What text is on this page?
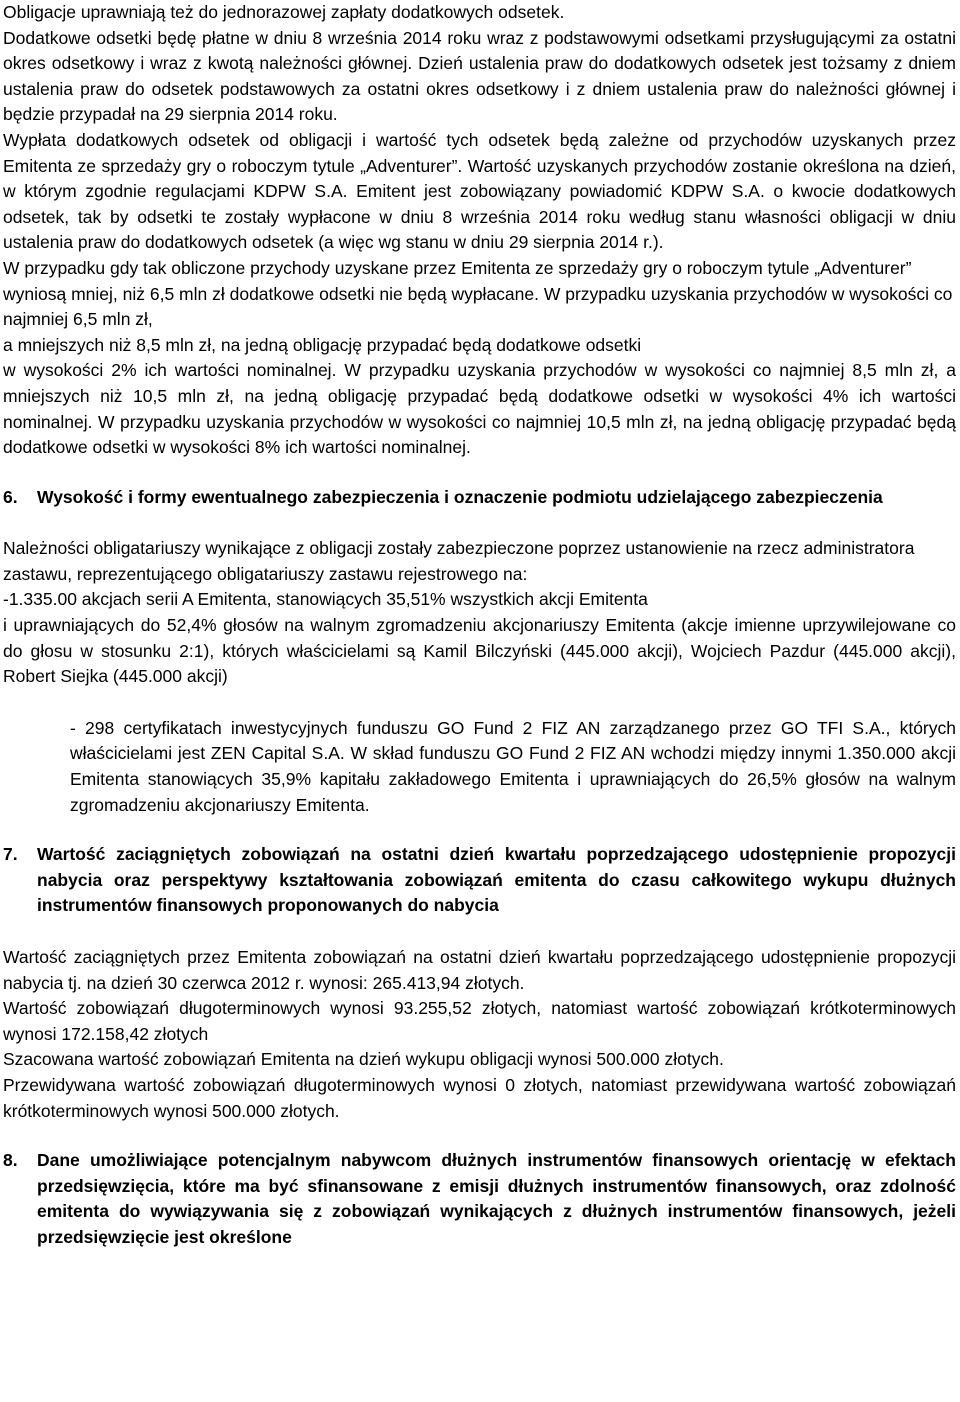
Obligacje uprawniają też do jednorazowej zapłaty dodatkowych odsetek.

Dodatkowe odsetki będę płatne w dniu 8 września 2014 roku wraz z podstawowymi odsetkami przysługującymi za ostatni okres odsetkowy i wraz z kwotą należności głównej. Dzień ustalenia praw do dodatkowych odsetek jest tożsamy z dniem ustalenia praw do odsetek podstawowych za ostatni okres odsetkowy i z dniem ustalenia praw do należności głównej i będzie przypadał na 29 sierpnia 2014 roku.

Wypłata dodatkowych odsetek od obligacji i wartość tych odsetek będą zależne od przychodów uzyskanych przez Emitenta ze sprzedaży gry o roboczym tytule „Adventurer”. Wartość uzyskanych przychodów zostanie określona na dzień, w którym zgodnie regulacjami KDPW S.A. Emitent jest zobowiązany powiadomić KDPW S.A. o kwocie dodatkowych odsetek, tak by odsetki te zostały wypłacone w dniu 8 września 2014 roku według stanu własności obligacji w dniu ustalenia praw do dodatkowych odsetek (a więc wg stanu w dniu 29 sierpnia 2014 r.).

W przypadku gdy tak obliczone przychody uzyskane przez Emitenta ze sprzedaży gry o roboczym tytule „Adventurer” wyniosą mniej, niż 6,5 mln zł dodatkowe odsetki nie będą wypłacane. W przypadku uzyskania przychodów w wysokości co najmniej 6,5 mln zł,

a mniejszych niż 8,5 mln zł, na jedną obligację przypadać będą dodatkowe odsetki

w wysokości 2% ich wartości nominalnej. W przypadku uzyskania przychodów w wysokości co najmniej 8,5 mln zł, a mniejszych niż 10,5 mln zł, na jedną obligację przypadać będą dodatkowe odsetki w wysokości 4% ich wartości nominalnej. W przypadku uzyskania przychodów w wysokości co najmniej 10,5 mln zł, na jedną obligację przypadać będą dodatkowe odsetki w wysokości 8% ich wartości nominalnej.

6.	Wysokość i formy ewentualnego zabezpieczenia i oznaczenie podmiotu udzielającego zabezpieczenia

Należności obligatariuszy wynikające z obligacji zostały zabezpieczone poprzez ustanowienie na rzecz administratora zastawu, reprezentującego obligatariuszy zastawu rejestrowego na:

-1.335.00 akcjach serii A Emitenta, stanowiących 35,51% wszystkich akcji Emitenta

i uprawniających do 52,4% głosów na walnym zgromadzeniu akcjonariuszy Emitenta (akcje imienne uprzywilejowane co do głosu w stosunku 2:1), których właścicielami są Kamil Bilczyński (445.000 akcji), Wojciech Pazdur (445.000 akcji), Robert Siejka (445.000 akcji)

- 298 certyfikatach inwestycyjnych funduszu GO Fund 2 FIZ AN zarządzanego przez GO TFI S.A., których właścicielami jest ZEN Capital S.A. W skład funduszu GO Fund 2 FIZ AN wchodzi między innymi 1.350.000 akcji Emitenta stanowiących 35,9% kapitału zakładowego Emitenta i uprawniających do 26,5% głosów na walnym zgromadzeniu akcjonariuszy Emitenta.

7.	Wartość zaciągniętych zobowiązań na ostatni dzień kwartału poprzedzającego udostępnienie propozycji nabycia oraz perspektywy kształtowania zobowiązań emitenta do czasu całkowitego wykupu dłużnych instrumentów finansowych proponowanych do nabycia

Wartość zaciągniętych przez Emitenta zobowiązań na ostatni dzień kwartału poprzedzającego udostępnienie propozycji nabycia tj. na dzień 30 czerwca 2012 r. wynosi: 265.413,94 złotych.

Wartość zobowiązań długoterminowych wynosi 93.255,52 złotych, natomiast wartość zobowiązań krótkoterminowych wynosi 172.158,42 złotych

Szacowana wartość zobowiązań Emitenta na dzień wykupu obligacji wynosi 500.000 złotych.

Przewidywana wartość zobowiązań długoterminowych wynosi 0 złotych, natomiast przewidywana wartość zobowiązań krótkoterminowych wynosi 500.000 złotych.

8.	Dane umożliwiające potencjalnym nabywcom dłużnych instrumentów finansowych orientację w efektach przedsięwzięcia, które ma być sfinansowane z emisji dłużnych instrumentów finansowych, oraz zdolność emitenta do wywiązywania się z zobowiązań wynikających z dłużnych instrumentów finansowych, jeżeli przedsięwzięcie jest określone
